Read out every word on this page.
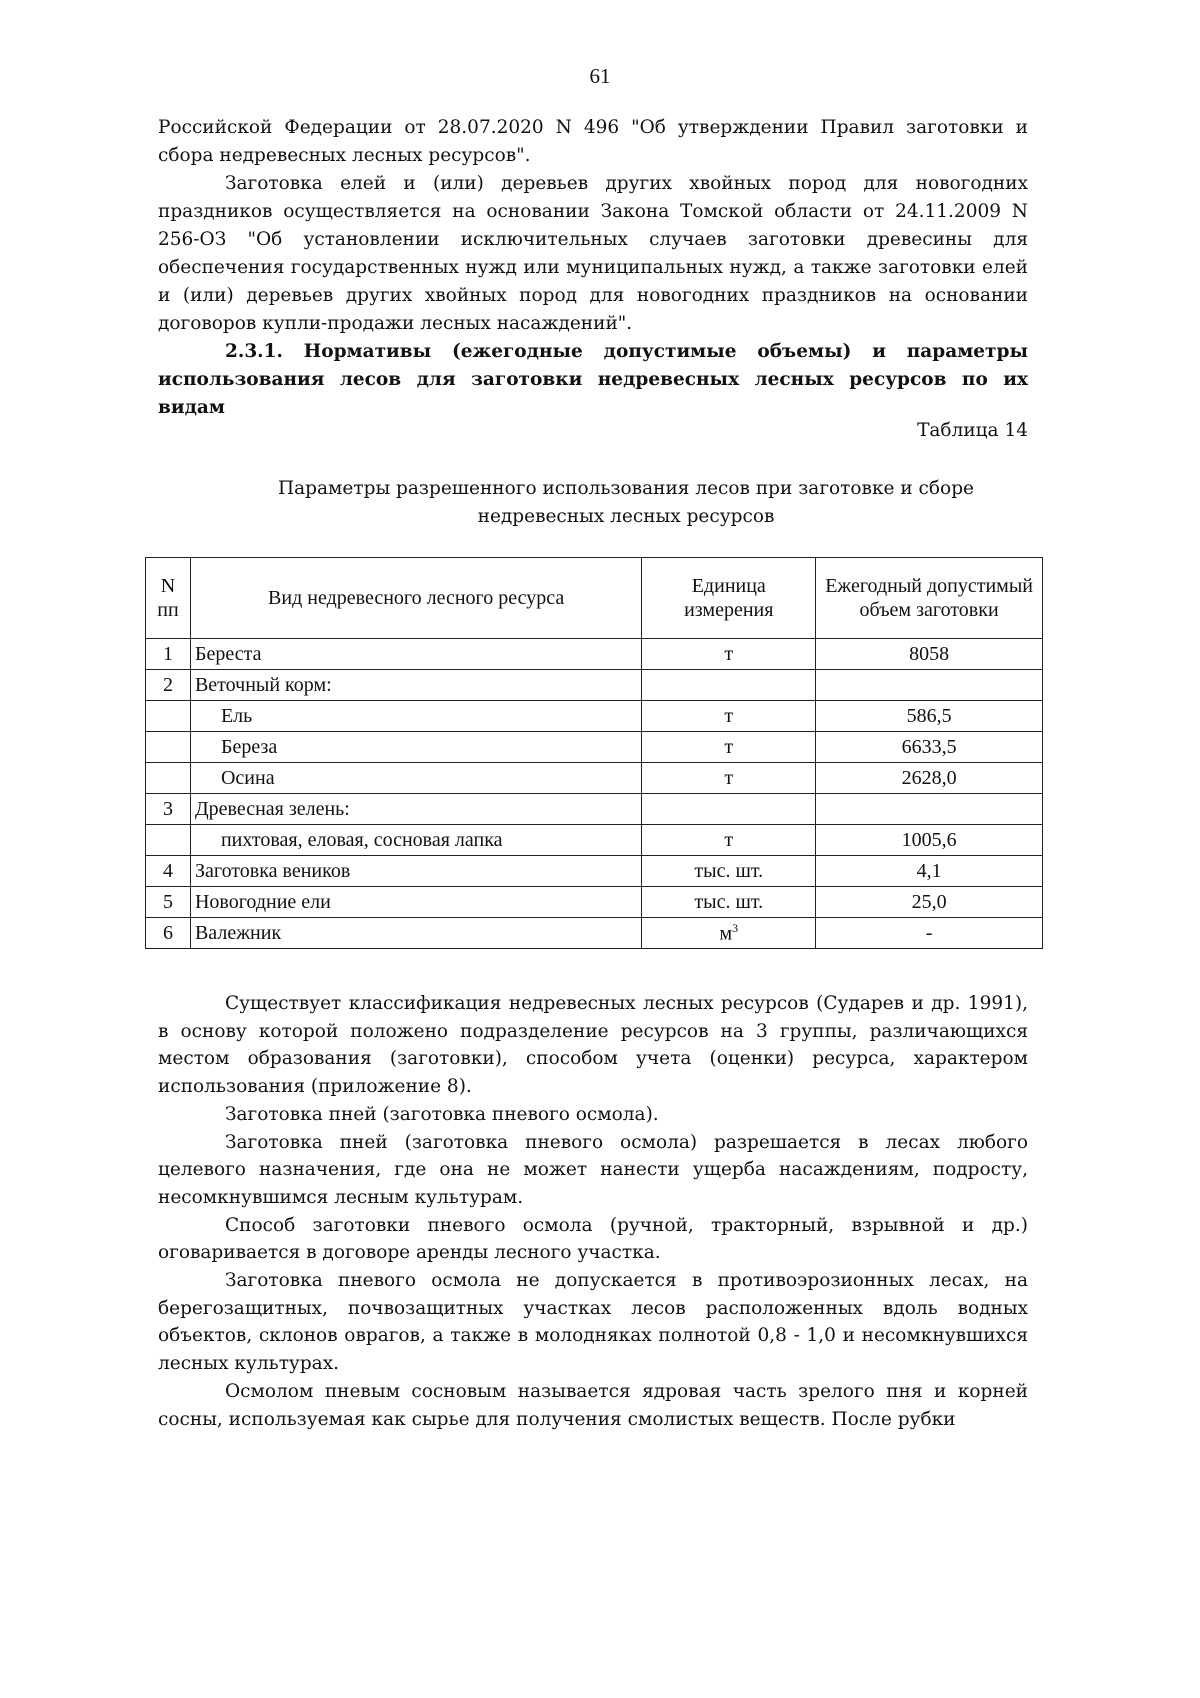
61

Российской Федерации от 28.07.2020 N 496 "Об утверждении Правил заготовки и сбора недревесных лесных ресурсов".

Заготовка елей и (или) деревьев других хвойных пород для новогодних праздников осуществляется на основании Закона Томской области от 24.11.2009 N 256-ОЗ "Об установлении исключительных случаев заготовки древесины для обеспечения государственных нужд или муниципальных нужд, а также заготовки елей и (или) деревьев других хвойных пород для новогодних праздников на основании договоров купли-продажи лесных насаждений".

2.3.1. Нормативы (ежегодные допустимые объемы) и параметры использования лесов для заготовки недревесных лесных ресурсов по их видам

Таблица 14
Параметры разрешенного использования лесов при заготовке и сборе недревесных лесных ресурсов
N пп	Вид недревесного лесного ресурса	Единица измерения	Ежегодный допустимый объем заготовки
1	Береста	т	8058
2	Веточный корм:		
	Ель	т	586,5
	Береза	т	6633,5
	Осина	т	2628,0
3	Древесная зелень:		
	пихтовая, еловая, сосновая лапка	т	1005,6
4	Заготовка веников	тыс. шт.	4,1
5	Новогодние ели	тыс. шт.	25,0
6	Валежник	$м^3$	-

Существует классификация недревесных лесных ресурсов (Сударев и др. 1991), в основу которой положено подразделение ресурсов на 3 группы, различающихся местом образования (заготовки), способом учета (оценки) ресурса, характером использования (приложение 8).

Заготовка пней (заготовка пневого осмола).

Заготовка пней (заготовка пневого осмола) разрешается в лесах любого целевого назначения, где она не может нанести ущерба насаждениям, подросту, несомкнувшимся лесным культурам.

Способ заготовки пневого осмола (ручной, тракторный, взрывной и др.) оговаривается в договоре аренды лесного участка.

Заготовка пневого осмола не допускается в противоэрозионных лесах, на берегозащитных, почвозащитных участках лесов расположенных вдоль водных объектов, склонов оврагов, а также в молодняках полнотой 0,8 - 1,0 и несомкнувшихся лесных культурах.

Осмолом пневым сосновым называется ядровая часть зрелого пня и корней сосны, используемая как сырье для получения смолистых веществ. После рубки
